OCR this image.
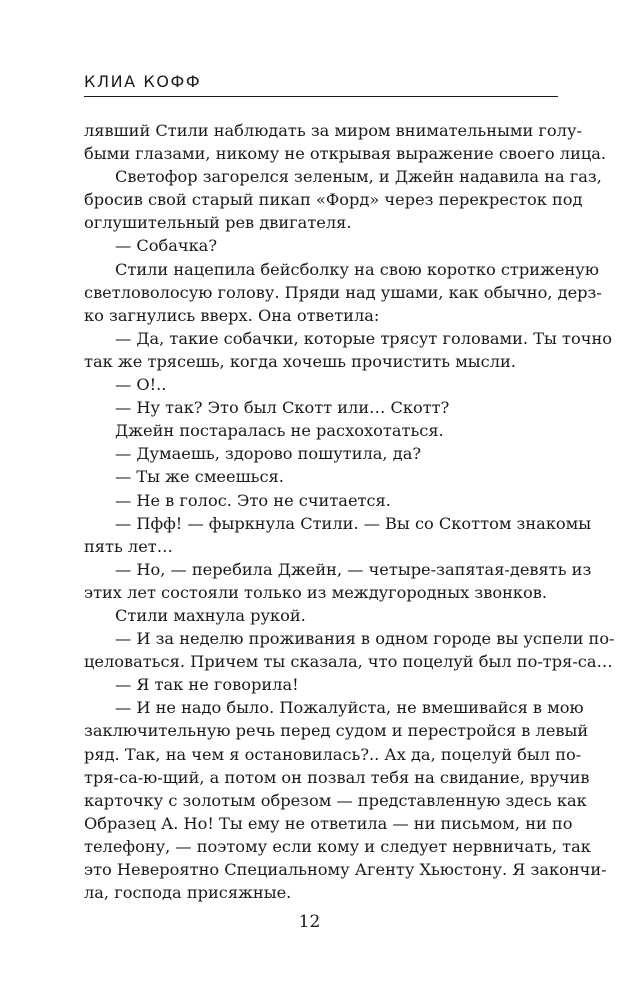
КЛИА КОФФ
лявший Стили наблюдать за миром внимательными голу-
быми глазами, никому не открывая выражение своего лица.
Светофор загорелся зеленым, и Джейн надавила на газ,
бросив свой старый пикап «Форд» через перекресток под
оглушительный рев двигателя.
— Собачка?
Стили нацепила бейсболку на свою коротко стриженую
светловолосую голову. Пряди над ушами, как обычно, дерз-
ко загнулись вверх. Она ответила:
— Да, такие собачки, которые трясут головами. Ты точно
так же трясешь, когда хочешь прочистить мысли.
— О!..
— Ну так? Это был Скотт или… Скотт?
Джейн постаралась не расхохотаться.
— Думаешь, здорово пошутила, да?
— Ты же смеешься.
— Не в голос. Это не считается.
— Пфф! — фыркнула Стили. — Вы со Скоттом знакомы
пять лет…
— Но, — перебила Джейн, — четыре-запятая-девять из
этих лет состояли только из междугородных звонков.
Стили махнула рукой.
— И за неделю проживания в одном городе вы успели по-
целоваться. Причем ты сказала, что поцелуй был по-тря-са…
— Я так не говорила!
— И не надо было. Пожалуйста, не вмешивайся в мою
заключительную речь перед судом и перестройся в левый
ряд. Так, на чем я остановилась?.. Ах да, поцелуй был по-
тря-са-ю-щий, а потом он позвал тебя на свидание, вручив
карточку с золотым обрезом — представленную здесь как
Образец А. Но! Ты ему не ответила — ни письмом, ни по
телефону, — поэтому если кому и следует нервничать, так
это Невероятно Специальному Агенту Хьюстону. Я закончи-
ла, господа присяжные.
12
